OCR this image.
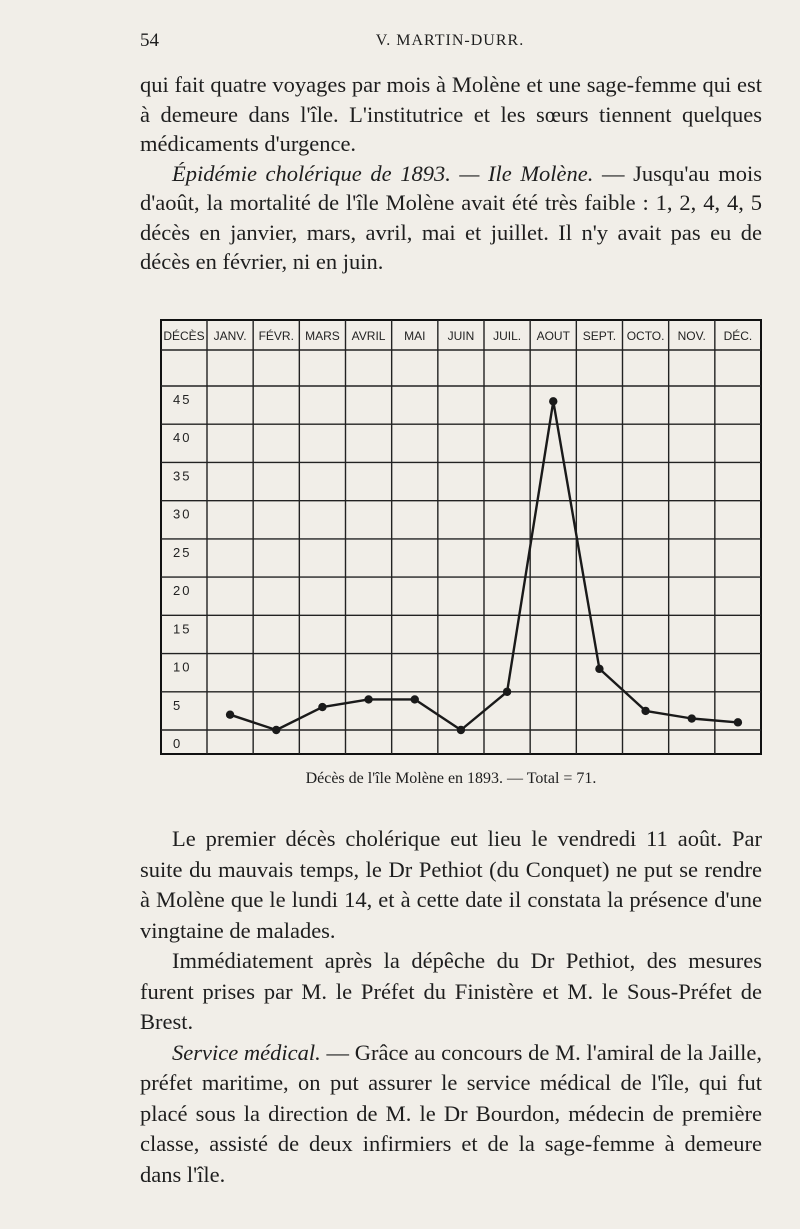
54	V. MARTIN-DURR.

qui fait quatre voyages par mois à Molène et une sage-femme qui est à demeure dans l'île. L'institutrice et les sœurs tiennent quelques médicaments d'urgence.

Épidémie cholérique de 1893. — Ile Molène. — Jusqu'au mois d'août, la mortalité de l'île Molène avait été très faible : 1, 2, 4, 4, 5 décès en janvier, mars, avril, mai et juillet. Il n'y avait pas eu de décès en février, ni en juin.

DÉCÈS JANV. FÉVR. MARS AVRIL MAI JUIN JUIL. AOUT SEPT. OCTO. NOV. DÉC.
0
5
10
15
20
25
30
35
40
45
Décès de l'île Molène en 1893. — Total = 71.

Le premier décès cholérique eut lieu le vendredi 11 août. Par suite du mauvais temps, le Dr Pethiot (du Conquet) ne put se rendre à Molène que le lundi 14, et à cette date il constata la présence d'une vingtaine de malades.

Immédiatement après la dépêche du Dr Pethiot, des mesures furent prises par M. le Préfet du Finistère et M. le Sous-Préfet de Brest.

Service médical. — Grâce au concours de M. l'amiral de la Jaille, préfet maritime, on put assurer le service médical de l'île, qui fut placé sous la direction de M. le Dr Bourdon, médecin de première classe, assisté de deux infirmiers et de la sage-femme à demeure dans l'île.
